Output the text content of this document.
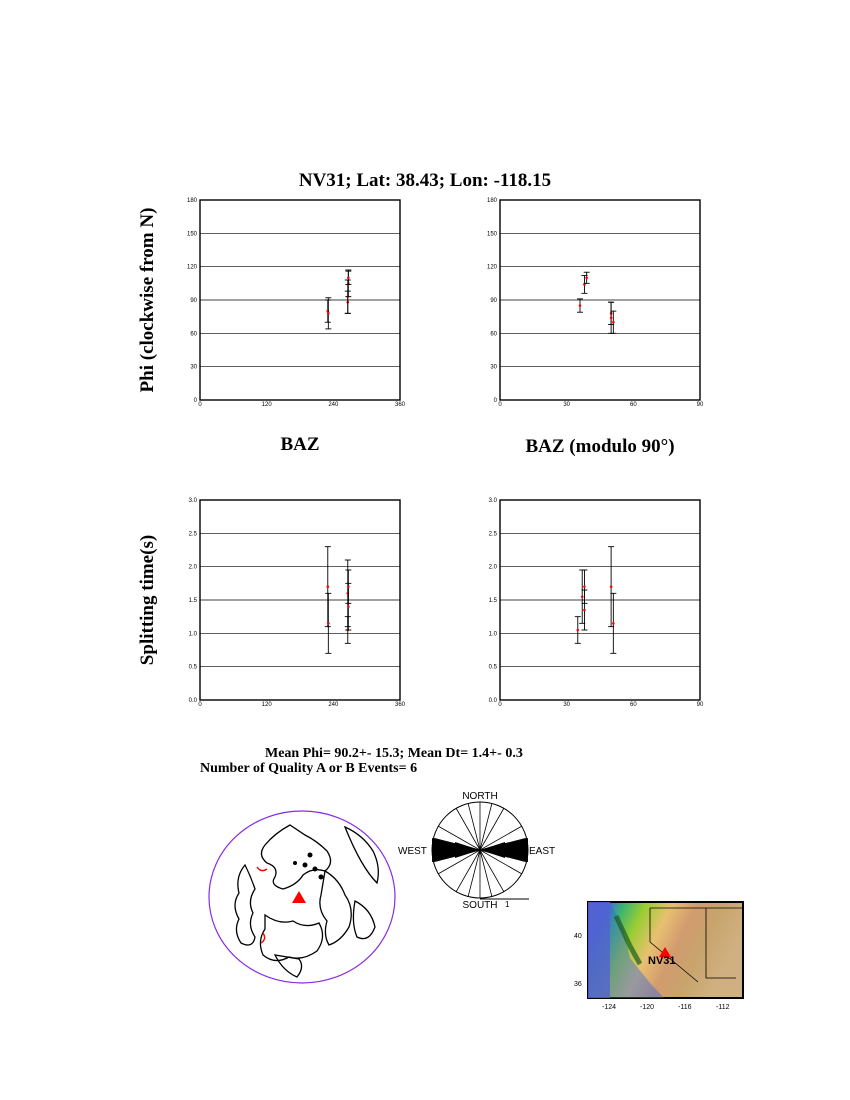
NV31; Lat: 38.43; Lon: -118.15
Phi (clockwise from N)
Splitting time(s)
BAZ	BAZ (modulo 90°)
0
30
60
90
120
150
180
0	120	240	360
0
30
60
90
120
150
180
0	30	60	90
0.0
0.5
1.0
1.5
2.0
2.5
3.0
0	120	240	360
0.0
0.5
1.0
1.5
2.0
2.5
3.0
0	30	60	90
Mean Phi= 90.2+- 15.3; Mean Dt= 1.4+- 0.3
Number of Quality A or B Events= 6
NORTH
SOUTH
EAST
WEST
1
NV31
40
36
-124	-120	-116	-112
